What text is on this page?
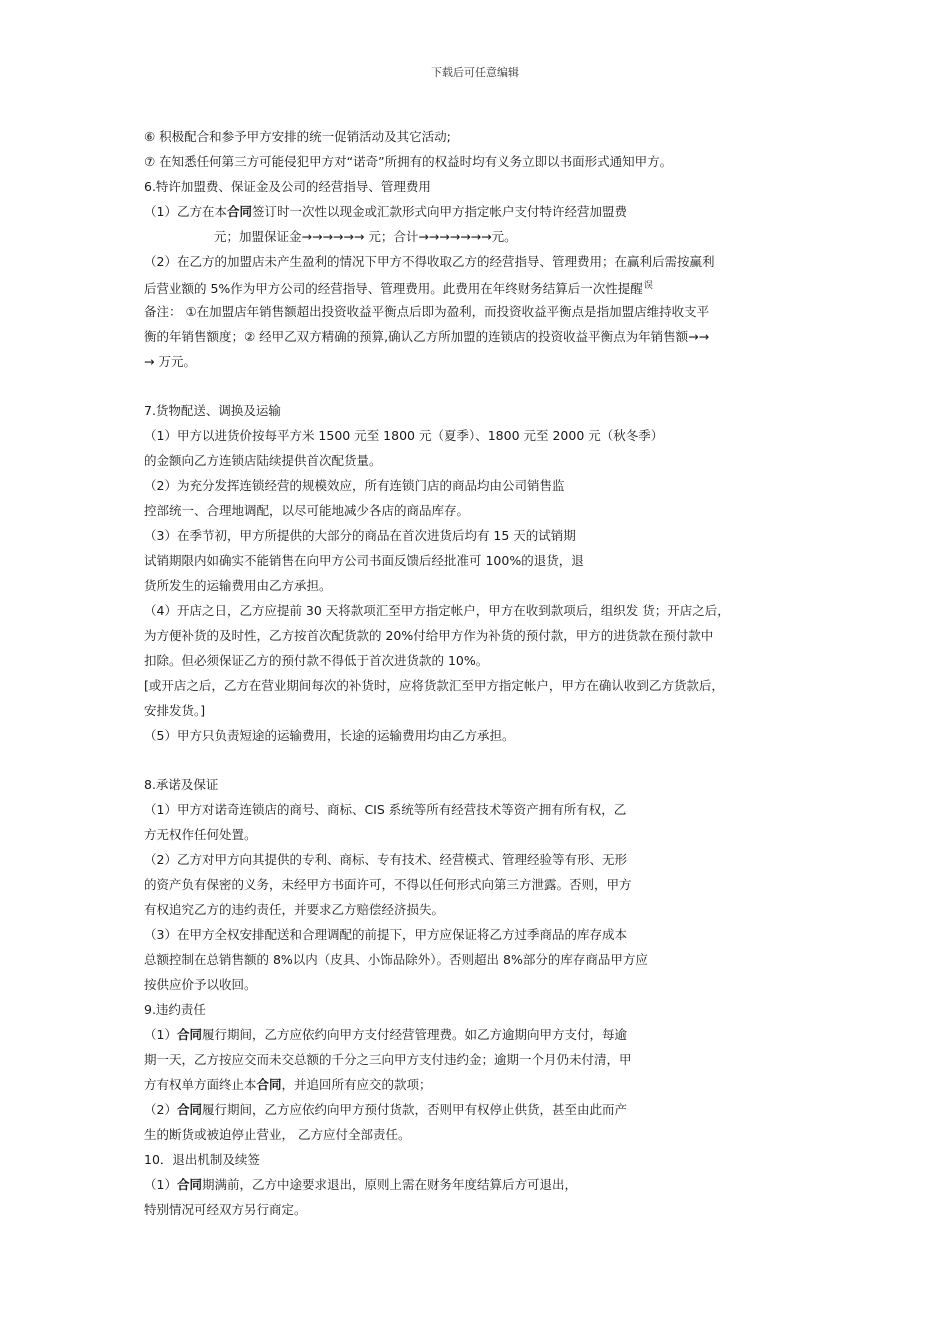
下载后可任意编辑
⑥ 积极配合和参予甲方安排的统一促销活动及其它活动;
⑦ 在知悉任何第三方可能侵犯甲方对“诺奇”所拥有的权益时均有义务立即以书面形式通知甲方。
6.特许加盟费、保证金及公司的经营指导、管理费用
（1）乙方在本合同签订时一次性以现金或汇款形式向甲方指定帐户支付特许经营加盟费
元；加盟保证金→→→→→→ 元；合计→→→→→→→元。
（2）在乙方的加盟店未产生盈利的情况下甲方不得收取乙方的经营指导、管理费用；在赢利后需按赢利
后营业额的 5%作为甲方公司的经营指导、管理费用。此费用在年终财务结算后一次性提醒$^误$
备注： ①在加盟店年销售额超出投资收益平衡点后即为盈利，而投资收益平衡点是指加盟店维持收支平
衡的年销售额度；② 经甲乙双方精确的预算,确认乙方所加盟的连锁店的投资收益平衡点为年销售额→→
→ 万元。
7.货物配送、调换及运输
（1）甲方以进货价按每平方米 1500 元至 1800 元（夏季）、1800 元至 2000 元（秋冬季）
的金额向乙方连锁店陆续提供首次配货量。
（2）为充分发挥连锁经营的规模效应，所有连锁门店的商品均由公司销售监
控部统一、合理地调配，以尽可能地减少各店的商品库存。
（3）在季节初，甲方所提供的大部分的商品在首次进货后均有 15 天的试销期
试销期限内如确实不能销售在向甲方公司书面反馈后经批准可 100%的退货，退
货所发生的运输费用由乙方承担。
（4）开店之日，乙方应提前 30 天将款项汇至甲方指定帐户，甲方在收到款项后，组织发 货；开店之后，
为方便补货的及时性，乙方按首次配货款的 20%付给甲方作为补货的预付款，甲方的进货款在预付款中
扣除。但必须保证乙方的预付款不得低于首次进货款的 10%。
[或开店之后，乙方在营业期间每次的补货时，应将货款汇至甲方指定帐户，甲方在确认收到乙方货款后，
安排发货。]
（5）甲方只负责短途的运输费用，长途的运输费用均由乙方承担。
8.承诺及保证
（1）甲方对诺奇连锁店的商号、商标、CIS 系统等所有经营技术等资产拥有所有权，乙
方无权作任何处置。
（2）乙方对甲方向其提供的专利、商标、专有技术、经营模式、管理经验等有形、无形
的资产负有保密的义务，未经甲方书面许可，不得以任何形式向第三方泄露。否则，甲方
有权追究乙方的违约责任，并要求乙方赔偿经济损失。
（3）在甲方全权安排配送和合理调配的前提下，甲方应保证将乙方过季商品的库存成本
总额控制在总销售额的 8%以内（皮具、小饰品除外）。否则超出 8%部分的库存商品甲方应
按供应价予以收回。
9.违约责任
（1）合同履行期间，乙方应依约向甲方支付经营管理费。如乙方逾期向甲方支付，每逾
期一天，乙方按应交而未交总额的千分之三向甲方支付违约金；逾期一个月仍未付清，甲
方有权单方面终止本合同，并追回所有应交的款项；
（2）合同履行期间，乙方应依约向甲方预付货款，否则甲有权停止供货，甚至由此而产
生的断货或被迫停止营业， 乙方应付全部责任。
10．退出机制及续签
（1）合同期满前，乙方中途要求退出，原则上需在财务年度结算后方可退出，
特别情况可经双方另行商定。
